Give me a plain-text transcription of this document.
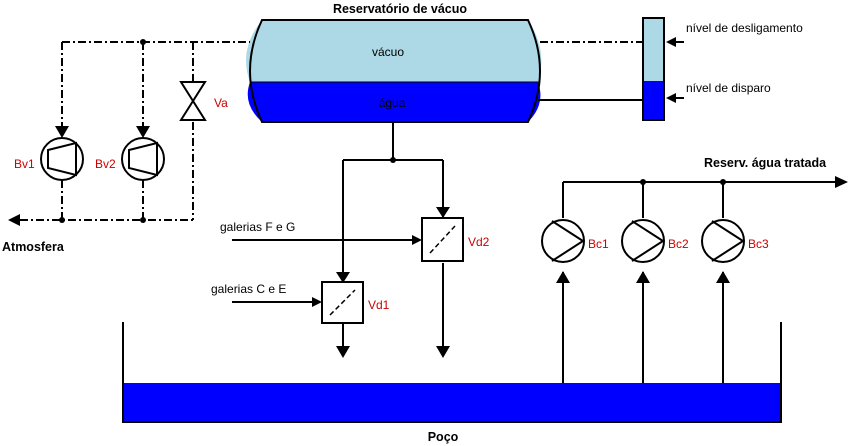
Reservatório de vácuo
vácuo
água
nível de desligamento
nível de disparo
Atmosfera
Bv1	Bv2
Va
Vd1
Vd2
galerias C e E
galerias F e G
Reserv. água tratada
Bc1	Bc2	Bc3
Poço
